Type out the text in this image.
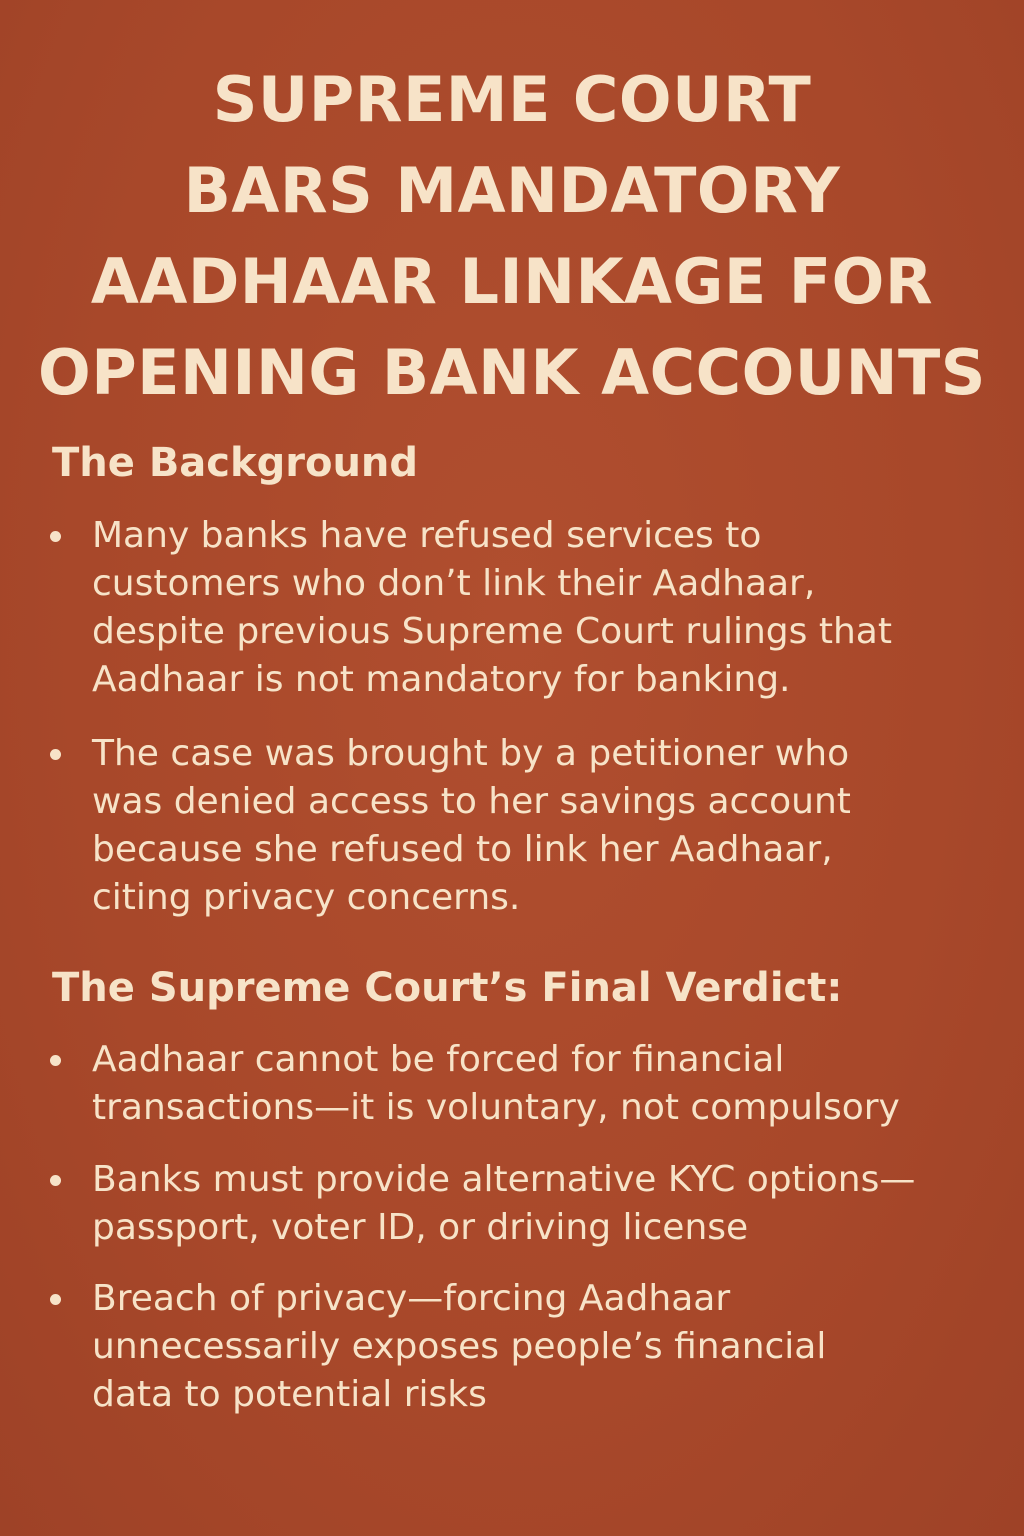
SUPREME COURT
BARS MANDATORY
AADHAAR LINKAGE FOR
OPENING BANK ACCOUNTS
The Background
Many banks have refused services to
customers who don’t link their Aadhaar,
despite previous Supreme Court rulings that
Aadhaar is not mandatory for banking.
The case was brought by a petitioner who
was denied access to her savings account
because she refused to link her Aadhaar,
citing privacy concerns.
The Supreme Court’s Final Verdict:
Aadhaar cannot be forced for financial
transactions—it is voluntary, not compulsory
Banks must provide alternative KYC options—
passport, voter ID, or driving license
Breach of privacy—forcing Aadhaar
unnecessarily exposes people’s financial
data to potential risks
